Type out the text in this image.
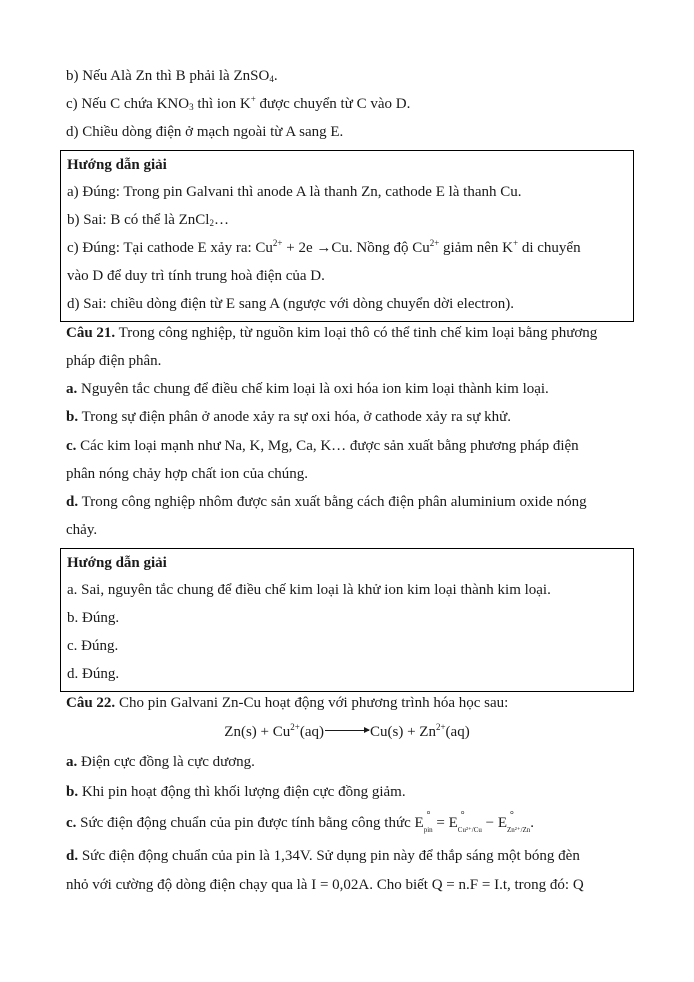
b) Nếu Alà Zn thì B phải là ZnSO$_4$.
c) Nếu C chứa $KNO_3$ thì ion K+ được chuyển từ C vào D.
d) Chiều dòng điện ở mạch ngoài từ A sang E.
Hướng dẫn giải
a) Đúng: Trong pin Galvani thì anode A là thanh Zn, cathode E là thanh Cu.
b) Sai: B có thể là ZnCl$_2$…
c) Đúng: Tại cathode E xảy ra: $Cu^{2+} + 2e \to Cu$. Nồng độ $Cu^{2+}$ giảm nên K+ di chuyển
vào D để duy trì tính trung hoà điện của D.
d) Sai: chiều dòng điện từ E sang A (ngược với dòng chuyển dời electron).
Câu 21. Trong công nghiệp, từ nguồn kim loại thô có thể tinh chế kim loại bằng phương
pháp điện phân.
a. Nguyên tắc chung để điều chế kim loại là oxi hóa ion kim loại thành kim loại.
b. Trong sự điện phân ở anode xảy ra sự oxi hóa, ở cathode xảy ra sự khử.
c. Các kim loại mạnh như Na, K, Mg, Ca, K… được sản xuất bằng phương pháp điện
phân nóng chảy hợp chất ion của chúng.
d. Trong công nghiệp nhôm được sản xuất bằng cách điện phân aluminium oxide nóng
chảy.
Hướng dẫn giải
a. Sai, nguyên tắc chung để điều chế kim loại là khử ion kim loại thành kim loại.
b. Đúng.
c. Đúng.
d. Đúng.
Câu 22. Cho pin Galvani Zn-Cu hoạt động với phương trình hóa học sau:
$Zn(s) + Cu^{2+}(aq)\to Cu(s) + Zn^{2+}(aq)$
a. Điện cực đồng là cực dương.
b. Khi pin hoạt động thì khối lượng điện cực đồng giảm.
c. Sức điện động chuẩn của pin được tính bằng công thức E °
$_{pin}$ = E °
$_{Cu^{2+}/Cu}$ − E °
$_{Zn^{2+}/Zn}$.
d. Sức điện động chuẩn của pin là 1,34V. Sử dụng pin này để thắp sáng một bóng đèn
nhỏ với cường độ dòng điện chạy qua là I = 0,02A. Cho biết Q = n.F = I.t, trong đó: Q
